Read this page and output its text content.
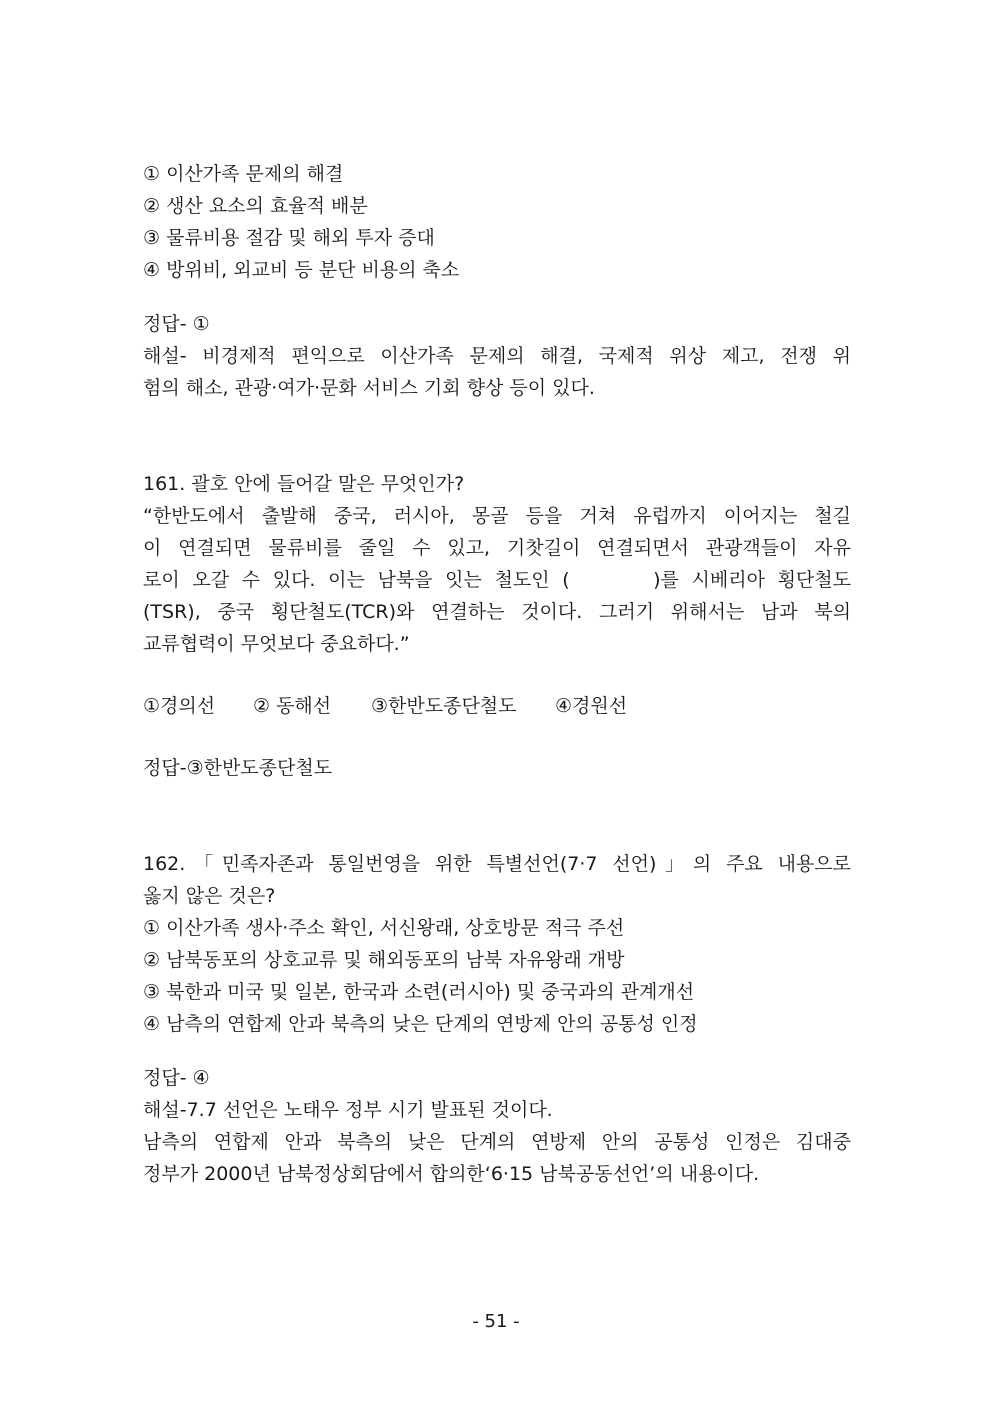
① 이산가족 문제의 해결
② 생산 요소의 효율적 배분
③ 물류비용 절감 및 해외 투자 증대
④ 방위비, 외교비 등 분단 비용의 축소
정답- ①
해설- 비경제적 편익으로 이산가족 문제의 해결, 국제적 위상 제고, 전쟁 위
험의 해소, 관광·여가·문화 서비스 기회 향상 등이 있다.
161. 괄호 안에 들어갈 말은 무엇인가?
“한반도에서 출발해 중국, 러시아, 몽골 등을 거쳐 유럽까지 이어지는 철길
이 연결되면 물류비를 줄일 수 있고, 기찻길이 연결되면서 관광객들이 자유
로이 오갈 수 있다. 이는 남북을 잇는 철도인 (　　　)를 시베리아 횡단철도
(TSR), 중국 횡단철도(TCR)와 연결하는 것이다. 그러기 위해서는 남과 북의
교류협력이 무엇보다 중요하다.”
①경의선	② 동해선	③한반도종단철도	④경원선
정답-③한반도종단철도
162.「민족자존과 통일번영을 위한 특별선언(7·7 선언)」의 주요 내용으로
옳지 않은 것은?
① 이산가족 생사·주소 확인, 서신왕래, 상호방문 적극 주선
② 남북동포의 상호교류 및 해외동포의 남북 자유왕래 개방
③ 북한과 미국 및 일본, 한국과 소련(러시아) 및 중국과의 관계개선
④ 남측의 연합제 안과 북측의 낮은 단계의 연방제 안의 공통성 인정
정답- ④
해설-7.7 선언은 노태우 정부 시기 발표된 것이다.
남측의 연합제 안과 북측의 낮은 단계의 연방제 안의 공통성 인정은 김대중
정부가 2000년 남북정상회담에서 합의한‘6·15 남북공동선언’의 내용이다.
- 51 -
